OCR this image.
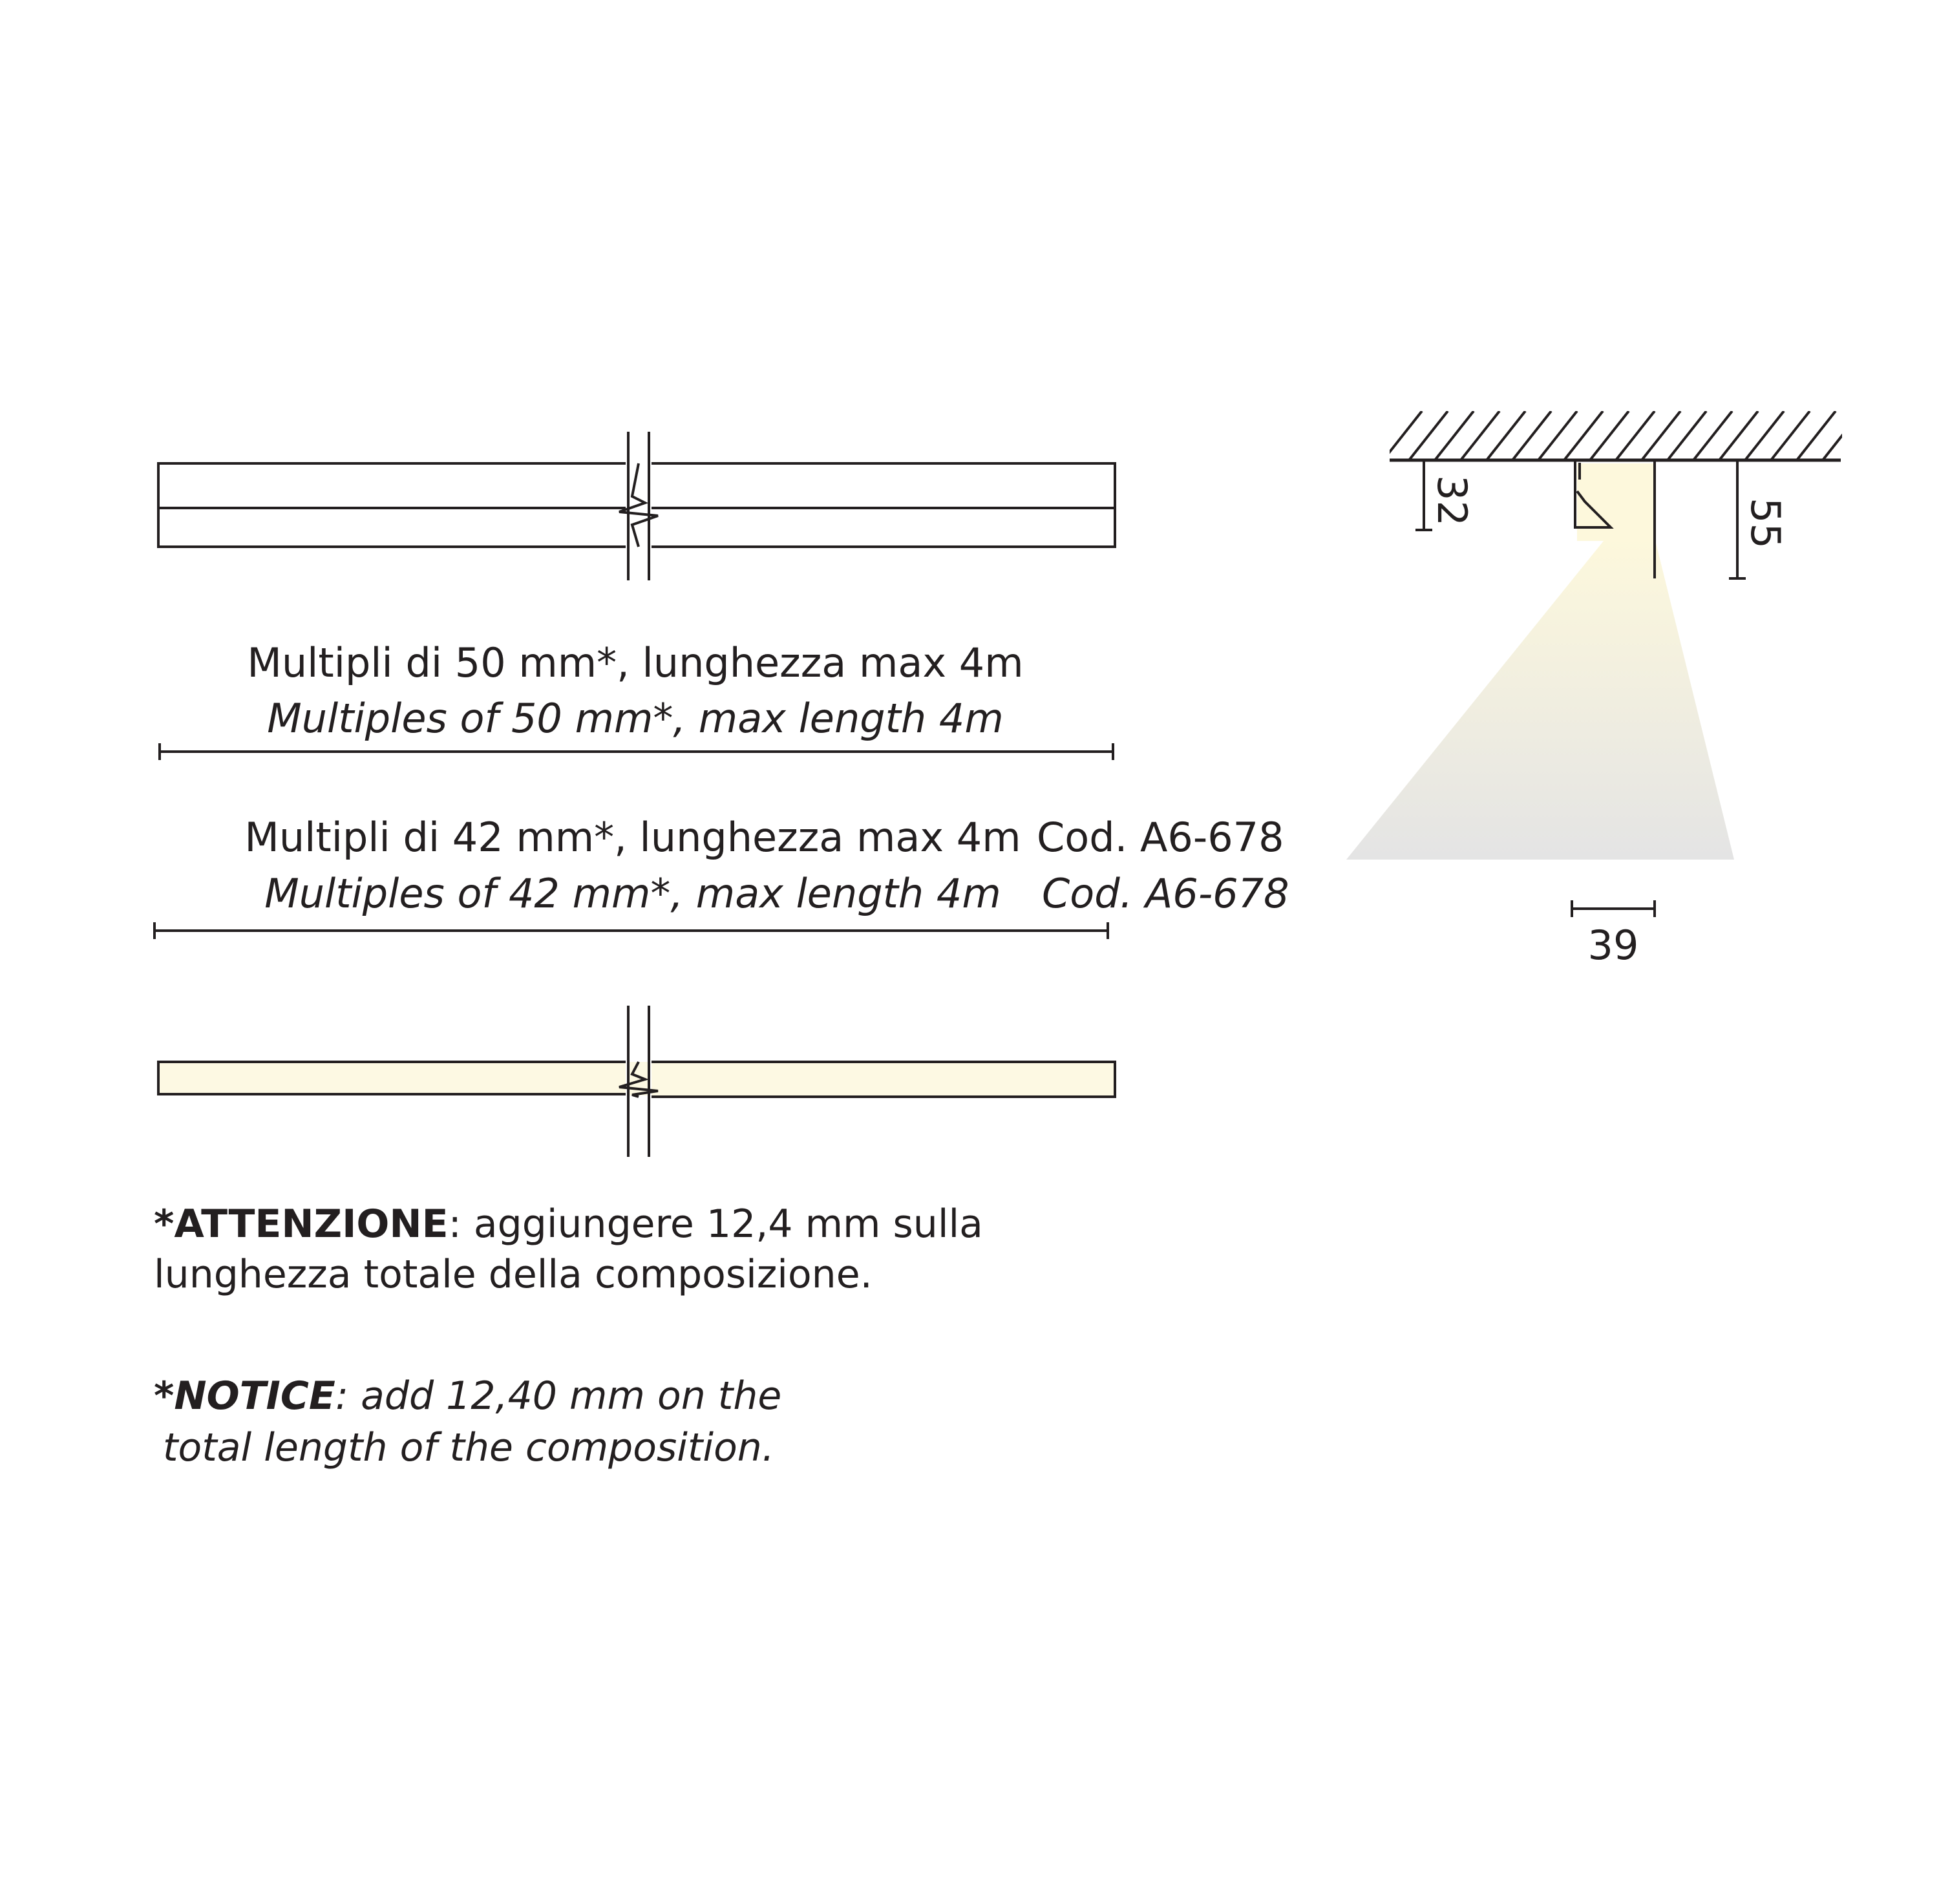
Multipli di 50 mm*, lunghezza max 4m
Multiples of 50 mm*, max length 4m
Multipli di 42 mm*, lunghezza max 4m
Multiples of 42 mm*, max length 4m
Cod. A6-678
Cod. A6-678
32	55
39
*ATTENZIONE: aggiungere 12,4 mm sulla
lunghezza totale della composizione.
*NOTICE: add 12,40 mm on the
total length of the composition.
